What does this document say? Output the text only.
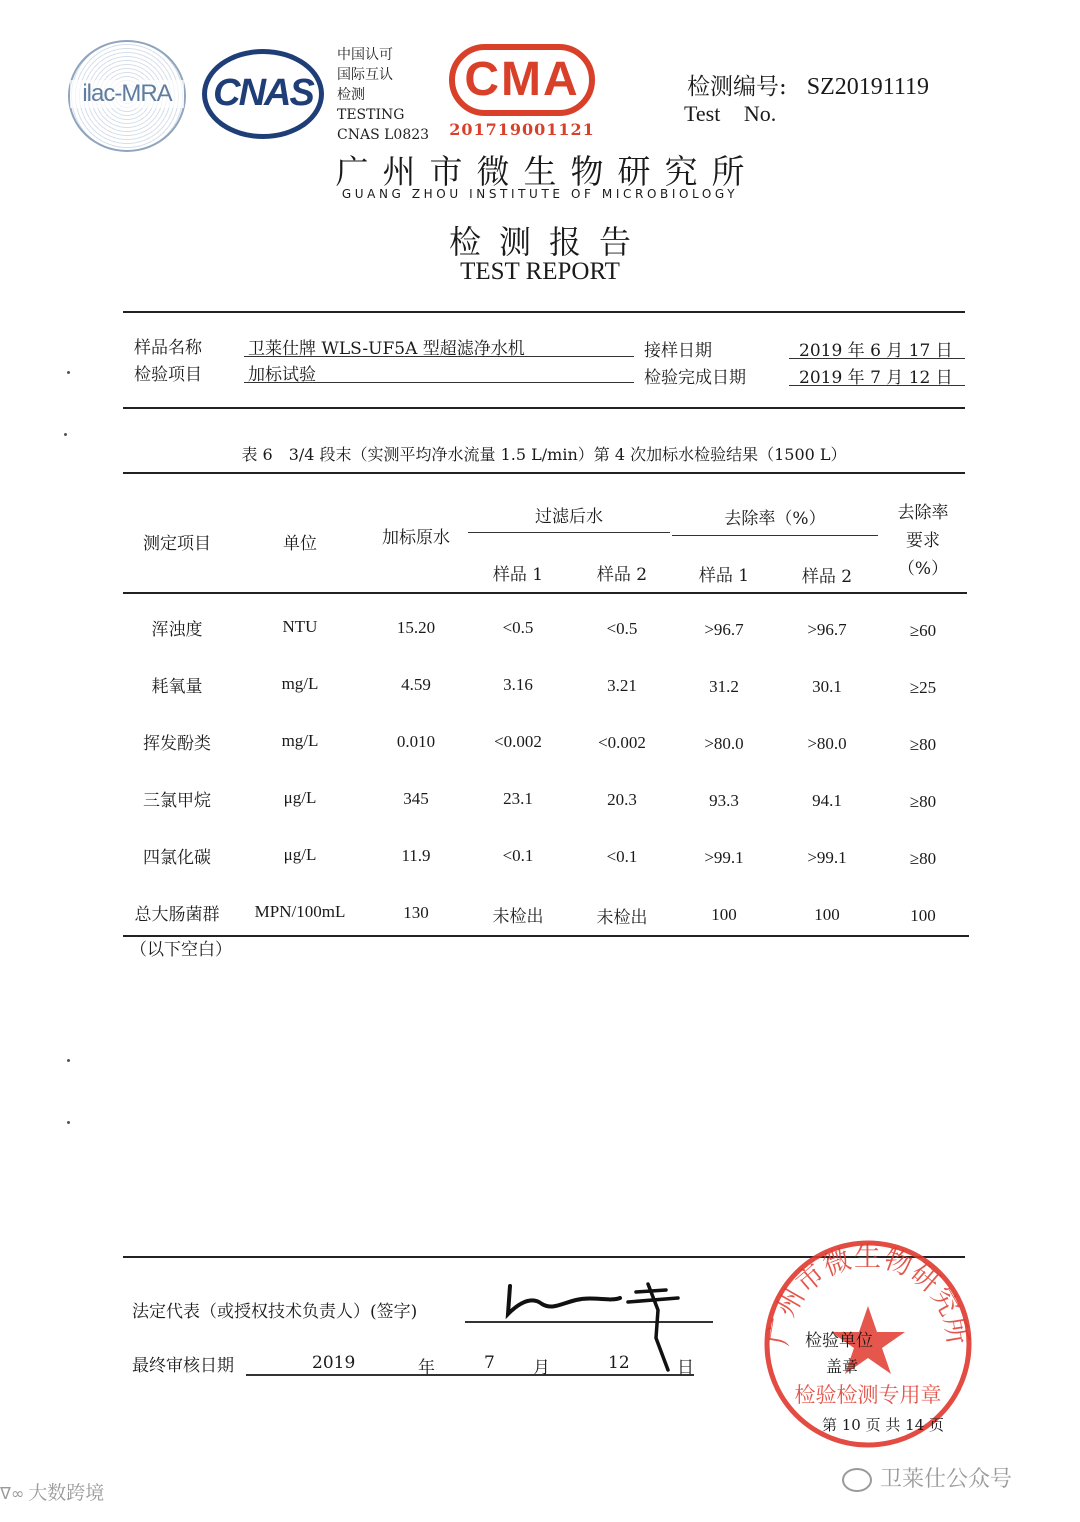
ilac-MRA	CNAS
中国认可
国际互认
检测
TESTING
CNAS L0823
CMA
201719001121
检测编号: SZ20191119
Test No.
广州市微生物研究所
GUANG ZHOU INSTITUTE OF MICROBIOLOGY
检测报告
TEST REPORT
样品名称	卫莱仕牌 WLS-UF5A 型超滤净水机
检验项目	加标试验
接样日期	2019 年 6 月 17 日
检验完成日期	2019 年 7 月 12 日
表 6　3/4 段末（实测平均净水流量 1.5 L/min）第 4 次加标水检验结果（1500 L）
测定项目	单位	加标原水
过滤后水	去除率（%）	去除率
要求
（%）
样品 1	样品 2	样品 1	样品 2
浑浊度	NTU	15.20	<0.5	<0.5	>96.7	>96.7	≥60
耗氧量	mg/L	4.59	3.16	3.21	31.2	30.1	≥25
挥发酚类	mg/L	0.010	<0.002	<0.002	>80.0	>80.0	≥80
三氯甲烷	μg/L	345	23.1	20.3	93.3	94.1	≥80
四氯化碳	μg/L	11.9	<0.1	<0.1	>99.1	>99.1	≥80
总大肠菌群	MPN/100mL	130	未检出	未检出	100	100	100
（以下空白）
法定代表（或授权技术负责人）(签字)
最终审核日期	2019	年	7 月	12	日
广州市微生物研究所
检验检测专用章
检验单位
盖章
第 10 页 共 14 页
ᐁ∞ 大数跨境
卫莱仕公众号
